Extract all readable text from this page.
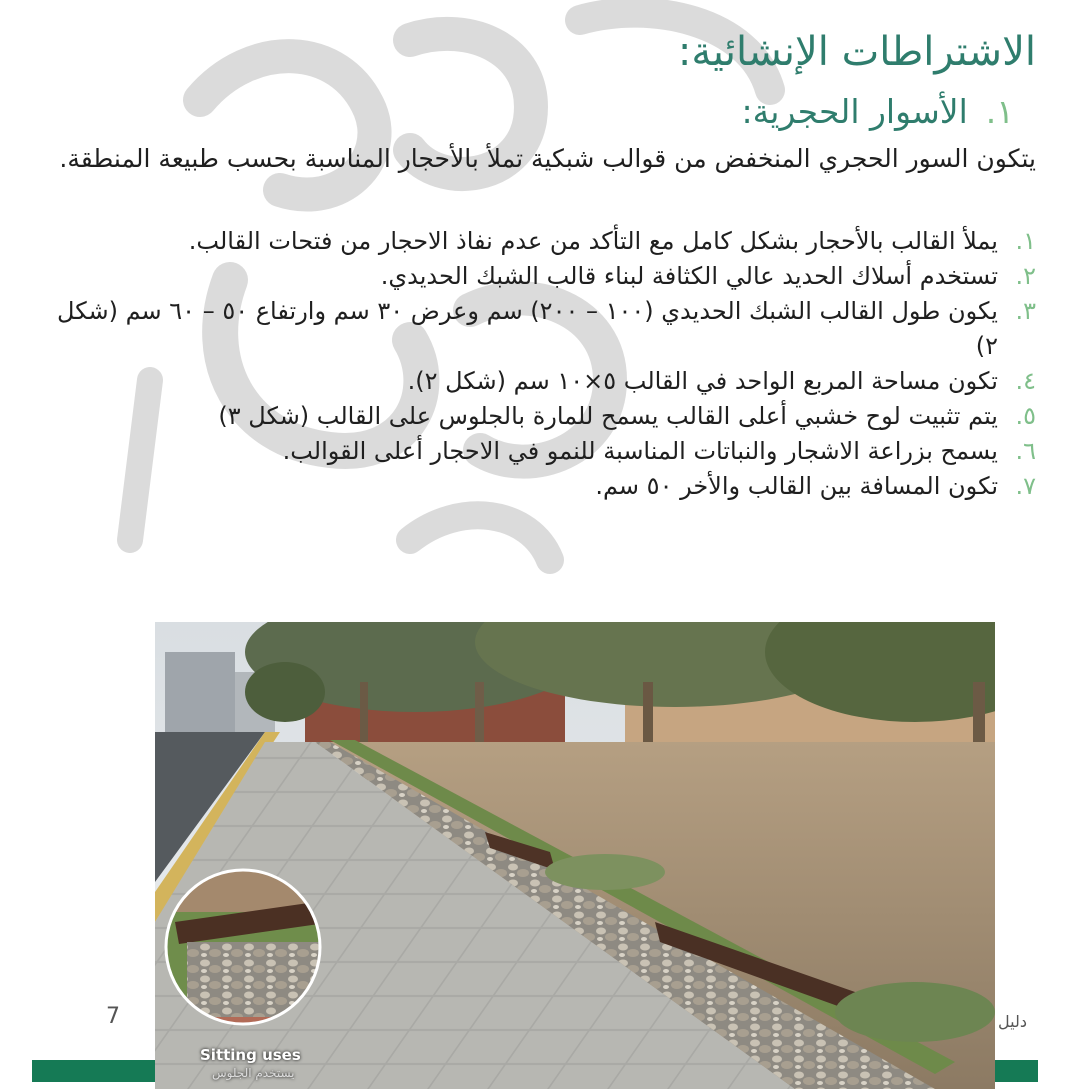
الاشتراطات الإنشائية:
١.الأسوار الحجرية:

يتكون السور الحجري المنخفض من قوالب شبكية تملأ بالأحجار المناسبة بحسب طبيعة المنطقة.

١.
يملأ القالب بالأحجار بشكل كامل مع التأكد من عدم نفاذ الاحجار من فتحات القالب.
٢.
تستخدم أسلاك الحديد عالي الكثافة لبناء قالب الشبك الحديدي.
٣.
يكون طول القالب الشبك الحديدي (١٠٠ – ٢٠٠) سم وعرض ٣٠ سم وارتفاع ٥٠ – ٦٠ سم (شكل ٢)
٤.
تكون مساحة المربع الواحد في القالب ٥×١٠ سم (شكل ٢).
٥.
يتم تثبيت لوح خشبي أعلى القالب يسمح للمارة بالجلوس على القالب (شكل ٣)
٦.
يسمح بزراعة الاشجار والنباتات المناسبة للنمو في الاحجار أعلى القوالب.
٧.
تكون المسافة بين القالب والأخر ٥٠ سم.
7	دليل
Sitting uses
يستخدم الجلوس
